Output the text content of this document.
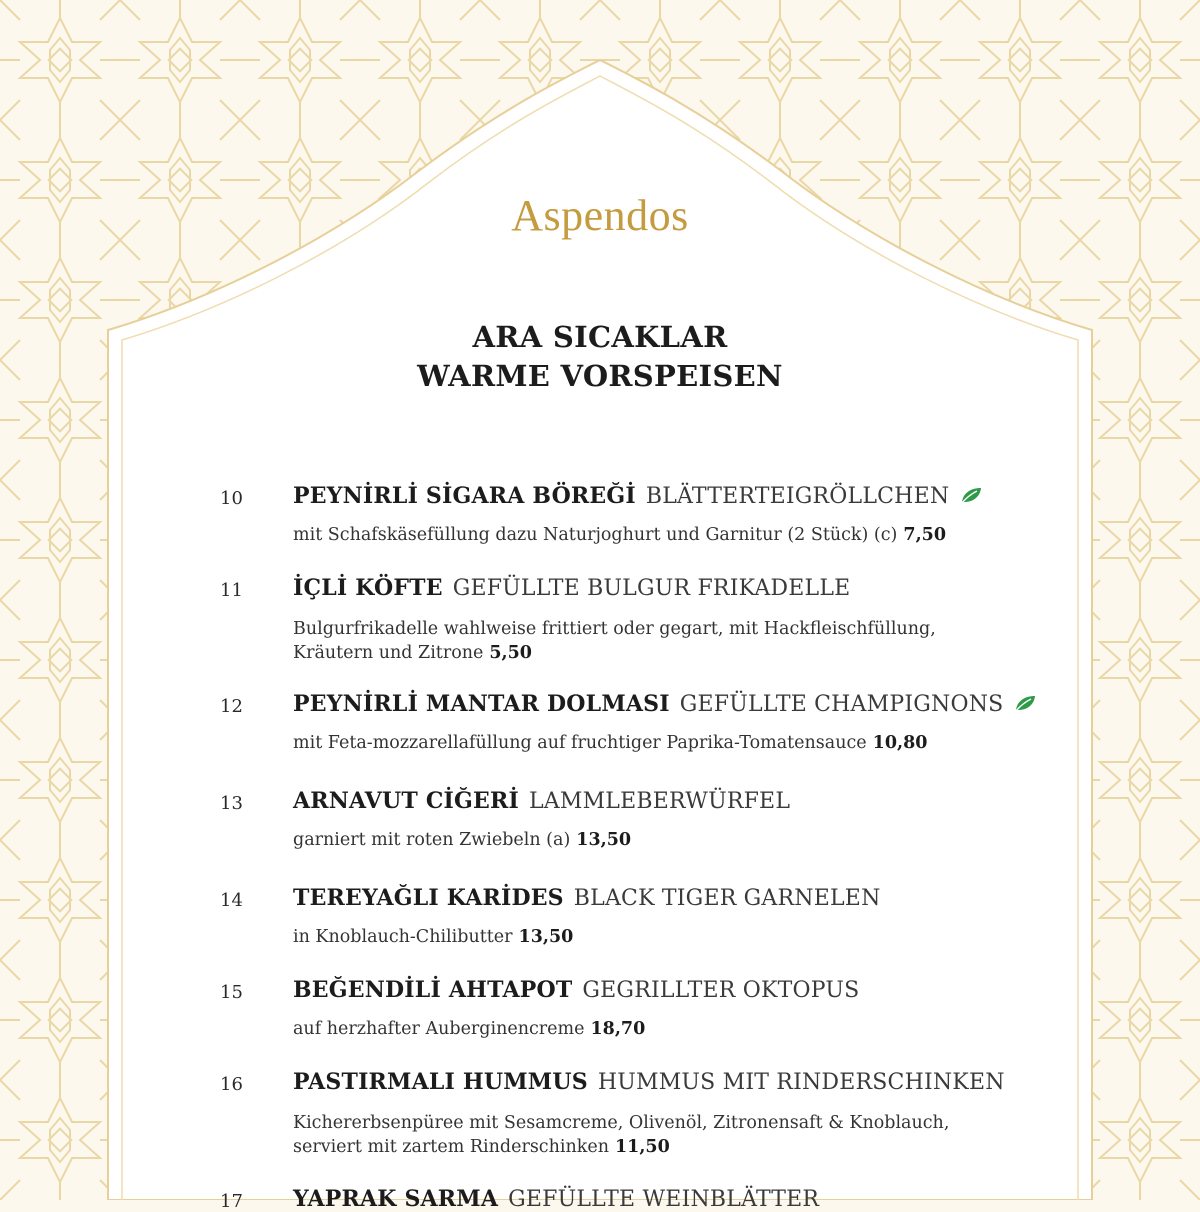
Aspendos
ARA SICAKLAR
WARME VORSPEISEN
10 PEYNİRLİ SİGARA BÖREĞİ BLÄTTERTEIGRÖLLCHEN
mit Schafskäsefüllung dazu Naturjoghurt und Garnitur (2 Stück) (c) 7,50
11 İÇLİ KÖFTE GEFÜLLTE BULGUR FRIKADELLE
Bulgurfrikadelle wahlweise frittiert oder gegart, mit Hackfleischfüllung,
Kräutern und Zitrone 5,50
12 PEYNİRLİ MANTAR DOLMASI GEFÜLLTE CHAMPIGNONS
mit Feta-mozzarellafüllung auf fruchtiger Paprika-Tomatensauce 10,80
13 ARNAVUT CİĞERİ LAMMLEBERWÜRFEL
garniert mit roten Zwiebeln (a) 13,50
14 TEREYAĞLI KARİDES BLACK TIGER GARNELEN
in Knoblauch-Chilibutter 13,50
15 BEĞENDİLİ AHTAPOT GEGRILLTER OKTOPUS
auf herzhafter Auberginencreme 18,70
16 PASTIRMALI HUMMUS HUMMUS MIT RINDERSCHINKEN
Kichererbsenpüree mit Sesamcreme, Olivenöl, Zitronensaft & Knoblauch,
serviert mit zartem Rinderschinken 11,50
17 YAPRAK SARMA GEFÜLLTE WEINBLÄTTER
